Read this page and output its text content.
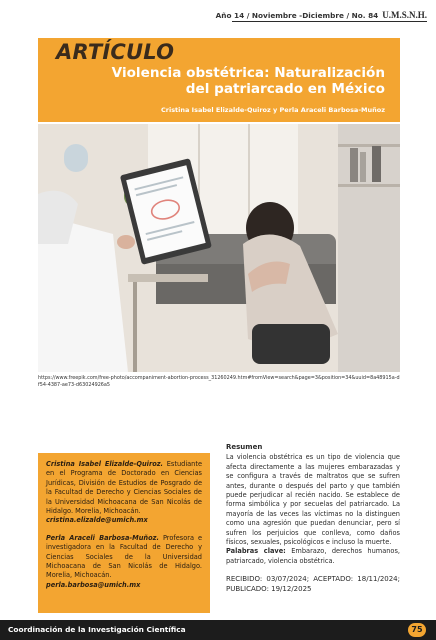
Año 14 / Noviembre -Diciembre / No. 84 U.M.S.N.H.
ARTÍCULO
Violencia obstétrica: Naturalización del patriarcado en México
Cristina Isabel Elizalde-Quiroz y Perla Araceli Barbosa-Muñoz
https://www.freepik.com/free-photo/accompaniment-abortion-process_31260249.htm#fromView=search&page=3&position=34&uuid=8a48915a-df54-4387-ae73-d63024926a5

Cristina Isabel Elizalde-Quiroz. Estudiante en el Programa de Doctorado en Ciencias Jurídicas, División de Estudios de Posgrado de la Facultad de Derecho y Ciencias Sociales de la Universidad Michoacana de San Nicolás de Hidalgo. Morelia, Michoacán.
cristina.elizalde@umich.mx

Perla Araceli Barbosa-Muñoz. Profesora e investigadora en la Facultad de Derecho y Ciencias Sociales de la Universidad Michoacana de San Nicolás de Hidalgo. Morelia, Michoacán.
perla.barbosa@umich.mx

Resumen

La violencia obstétrica es un tipo de violencia que afecta directamente a las mujeres embarazadas y se configura a través de maltratos que se sufren antes, durante o después del parto y que también puede perjudicar al recién nacido. Se establece de forma simbólica y por secuelas del patriarcado. La mayoría de las veces las víctimas no la distinguen como una agresión que puedan denunciar, pero sí sufren los perjuicios que conlleva, como daños físicos, sexuales, psicológicos e incluso la muerte.

Palabras clave: Embarazo, derechos humanos, patriarcado, violencia obstétrica.

RECIBIDO: 03/07/2024; ACEPTADO: 18/11/2024; PUBLICADO: 19/12/2025

Coordinación de la Investigación Científica	75
